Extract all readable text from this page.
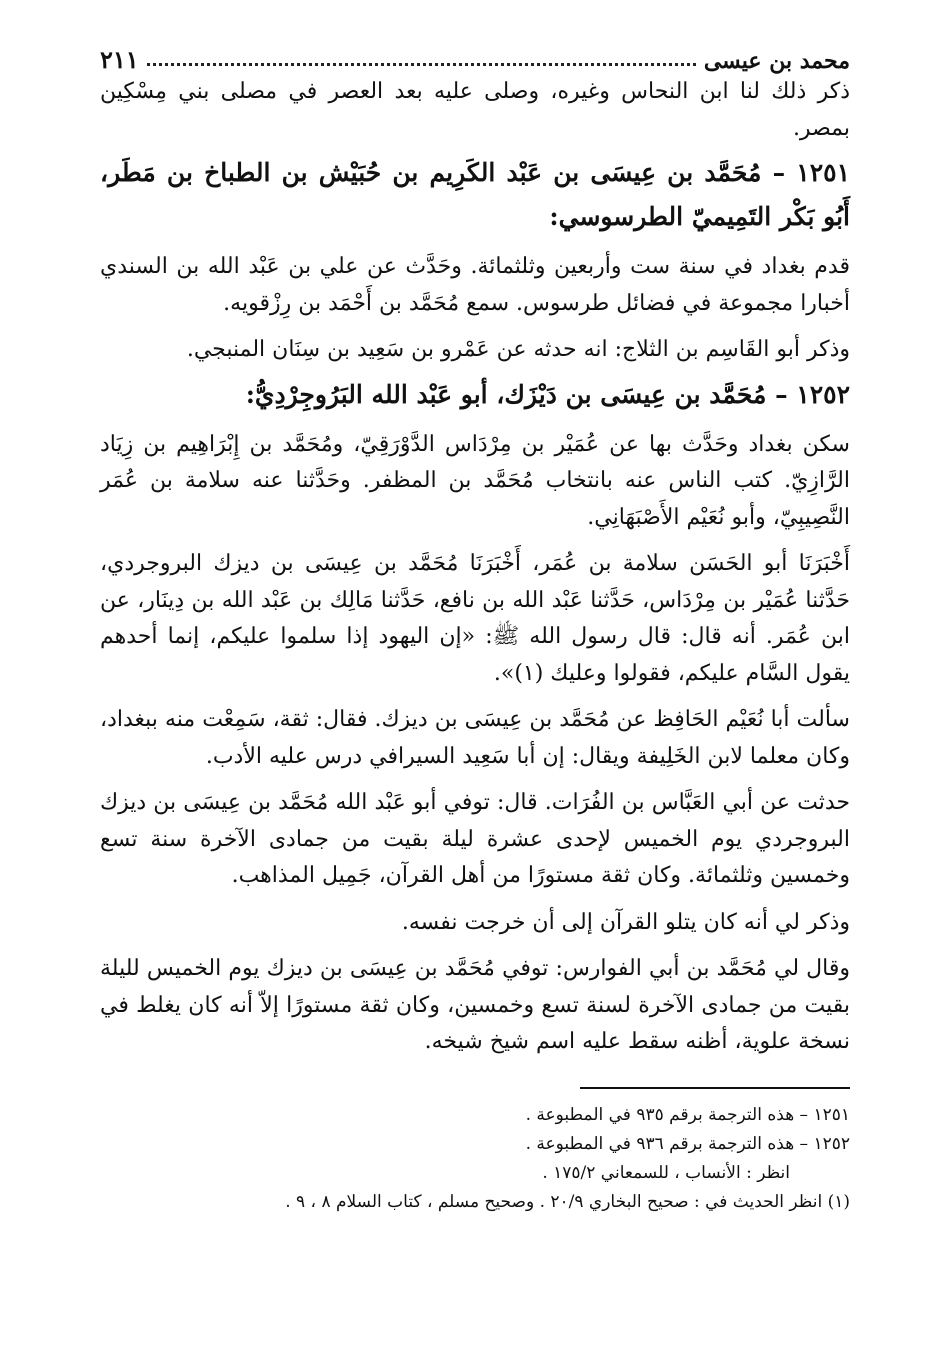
محمد بن عيسى
٢١١

ذكر ذلك لنا ابن النحاس وغيره، وصلى عليه بعد العصر في مصلى بني مِسْكِين بمصر.

١٢٥١ – مُحَمَّد بن عِيسَى بن عَبْد الكَرِيم بن حُبَيْش بن الطباخ بن مَطَر، أَبُو بَكْر التَمِيميّ الطرسوسي:

قدم بغداد في سنة ست وأربعين وثلثمائة. وحَدَّث عن علي بن عَبْد الله بن السندي أخبارا مجموعة في فضائل طرسوس. سمع مُحَمَّد بن أَحْمَد بن رِزْقويه.

وذكر أبو القَاسِم بن الثلاج: انه حدثه عن عَمْرو بن سَعِيد بن سِنَان المنبجي.

١٢٥٢ – مُحَمَّد بن عِيسَى بن دَيْزَك، أبو عَبْد الله البَرُوجِرْدِيُّ:

سكن بغداد وحَدَّث بها عن عُمَيْر بن مِرْدَاس الدَّوْرَقِيّ، ومُحَمَّد بن إِبْرَاهِيم بن زِيَاد الرَّازِيّ. كتب الناس عنه بانتخاب مُحَمَّد بن المظفر. وحَدَّثنا عنه سلامة بن عُمَر النَّصِيبِيّ، وأبو نُعَيْم الأَصْبَهَانِي.

أَخْبَرَنَا أبو الحَسَن سلامة بن عُمَر، أَخْبَرَنَا مُحَمَّد بن عِيسَى بن ديزك البروجردي، حَدَّثنا عُمَيْر بن مِرْدَاس، حَدَّثنا عَبْد الله بن نافع، حَدَّثنا مَالِك بن عَبْد الله بن دِينَار، عن ابن عُمَر. أنه قال: قال رسول الله ﷺ: «إن اليهود إذا سلموا عليكم، إنما أحدهم يقول السَّام عليكم، فقولوا وعليك (١)».

سألت أبا نُعَيْم الحَافِظ عن مُحَمَّد بن عِيسَى بن ديزك. فقال: ثقة، سَمِعْت منه ببغداد، وكان معلما لابن الخَلِيفة ويقال: إن أبا سَعِيد السيرافي درس عليه الأدب.

حدثت عن أبي العَبَّاس بن الفُرَات. قال: توفي أبو عَبْد الله مُحَمَّد بن عِيسَى بن ديزك البروجردي يوم الخميس لإحدى عشرة ليلة بقيت من جمادى الآخرة سنة تسع وخمسين وثلثمائة. وكان ثقة مستورًا من أهل القرآن، جَمِيل المذاهب.

وذكر لي أنه كان يتلو القرآن إلى أن خرجت نفسه.

وقال لي مُحَمَّد بن أبي الفوارس: توفي مُحَمَّد بن عِيسَى بن ديزك يوم الخميس لليلة بقيت من جمادى الآخرة لسنة تسع وخمسين، وكان ثقة مستورًا إلاّ أنه كان يغلط في نسخة علوية، أظنه سقط عليه اسم شيخ شيخه.

١٢٥١ – هذه الترجمة برقم ٩٣٥ في المطبوعة .

١٢٥٢ – هذه الترجمة برقم ٩٣٦ في المطبوعة .

انظر : الأنساب ، للسمعاني ١٧٥/٢ .

(١) انظر الحديث في : صحيح البخاري ٢٠/٩ . وصحيح مسلم ، كتاب السلام ٨ ، ٩ .
